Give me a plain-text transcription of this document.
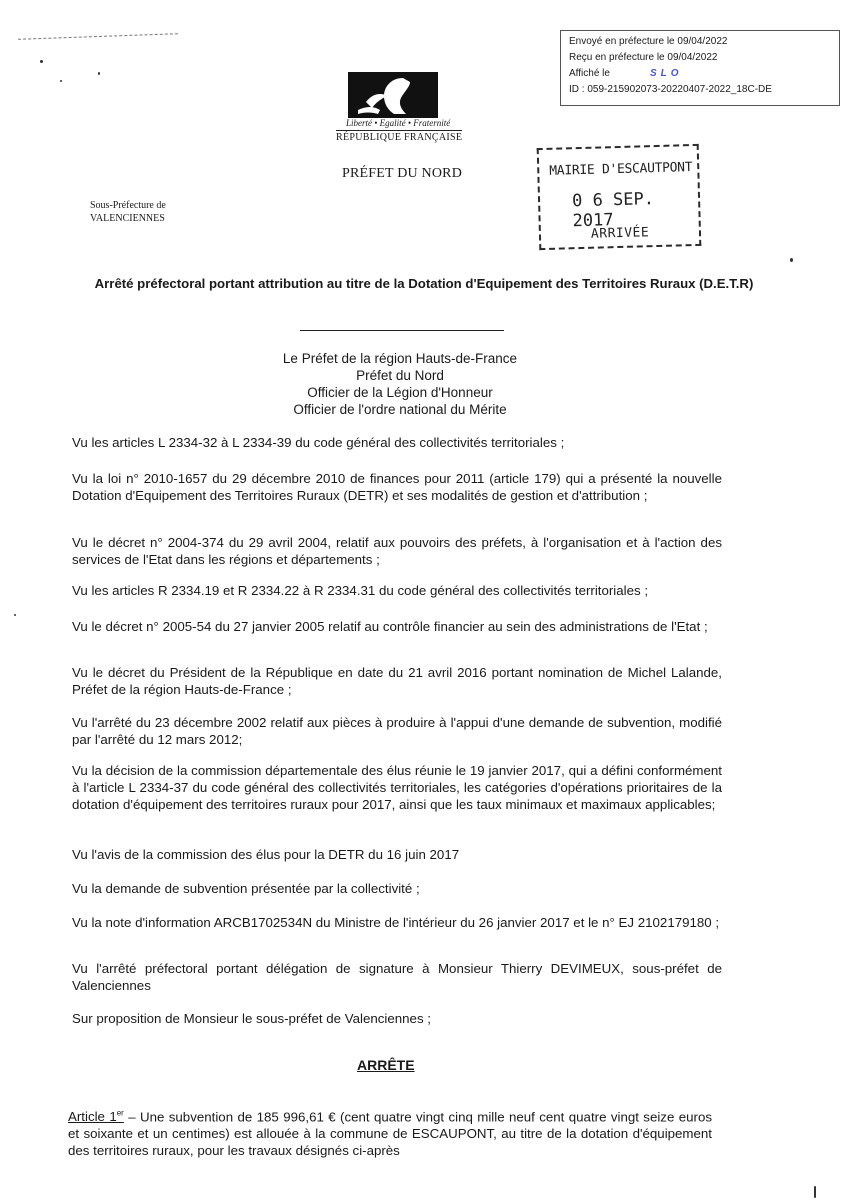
Envoyé en préfecture le 09/04/2022
Reçu en préfecture le 09/04/2022
Affiché le	SLO
ID : 059-215902073-20220407-2022_18C-DE
Liberté • Egalité • Fraternité
RÉPUBLIQUE FRANÇAISE
PRÉFET DU NORD
Sous-Préfecture de
VALENCIENNES
MAIRIE D'ESCAUTPONT
0 6 SEP. 2017
ARRIVÉE
Arrêté préfectoral portant attribution au titre de la Dotation d'Equipement des Territoires Ruraux (D.E.T.R)
Le Préfet de la région Hauts-de-France
Préfet du Nord
Officier de la Légion d'Honneur
Officier de l'ordre national du Mérite
Vu les articles L 2334-32 à L 2334-39 du code général des collectivités territoriales ;
Vu la loi n° 2010-1657 du 29 décembre 2010 de finances pour 2011 (article 179) qui a présenté la nouvelle Dotation d'Equipement des Territoires Ruraux (DETR) et ses modalités de gestion et d'attribution ;
Vu le décret n° 2004-374 du 29 avril 2004, relatif aux pouvoirs des préfets, à l'organisation et à l'action des services de l'Etat dans les régions et départements ;
Vu les articles R 2334.19 et R 2334.22 à R 2334.31 du code général des collectivités territoriales ;
Vu le décret n° 2005-54 du 27 janvier 2005 relatif au contrôle financier au sein des administrations de l'Etat ;
Vu le décret du Président de la République en date du 21 avril 2016 portant nomination de Michel Lalande, Préfet de la région Hauts-de-France ;
Vu l'arrêté du 23 décembre 2002 relatif aux pièces à produire à l'appui d'une demande de subvention, modifié par l'arrêté du 12 mars 2012;
Vu la décision de la commission départementale des élus réunie le 19 janvier 2017, qui a défini conformément à l'article L 2334-37 du code général des collectivités territoriales, les catégories d'opérations prioritaires de la dotation d'équipement des territoires ruraux pour 2017, ainsi que les taux minimaux et maximaux applicables;
Vu l'avis de la commission des élus pour la DETR du 16 juin 2017
Vu la demande de subvention présentée par la collectivité ;
Vu la note d'information ARCB1702534N du Ministre de l'intérieur du 26 janvier 2017 et le n° EJ 2102179180 ;
Vu l'arrêté préfectoral portant délégation de signature à Monsieur Thierry DEVIMEUX, sous-préfet de Valenciennes
Sur proposition de Monsieur le sous-préfet de Valenciennes ;
ARRÊTE
Article 1er – Une subvention de 185 996,61 € (cent quatre vingt cinq mille neuf cent quatre vingt seize euros et soixante et un centimes) est allouée à la commune de ESCAUPONT, au titre de la dotation d'équipement des territoires ruraux, pour les travaux désignés ci-après
